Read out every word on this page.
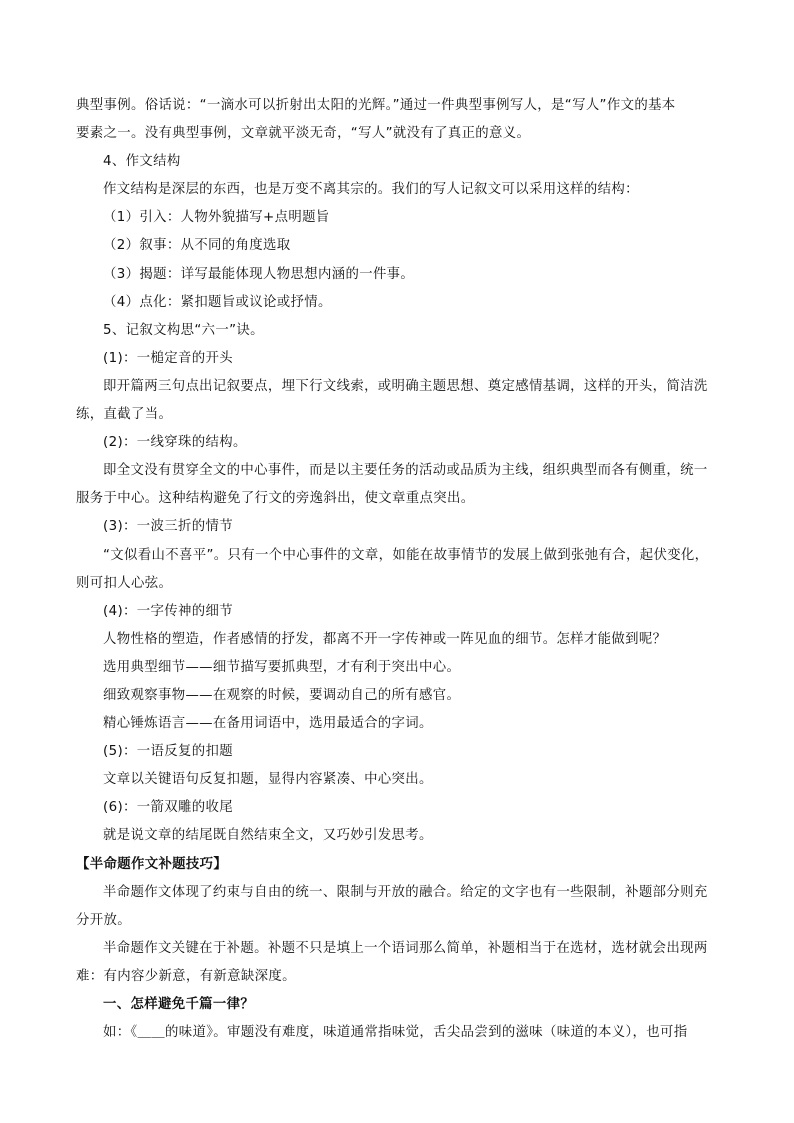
典型事例。俗话说：“一滴水可以折射出太阳的光辉。”通过一件典型事例写人，是“写人”作文的基本

要素之一。没有典型事例，文章就平淡无奇，“写人”就没有了真正的意义。

4、作文结构

作文结构是深层的东西，也是万变不离其宗的。我们的写人记叙文可以采用这样的结构：

（1）引入：人物外貌描写+点明题旨

（2）叙事：从不同的角度选取

（3）揭题：详写最能体现人物思想内涵的一件事。

（4）点化：紧扣题旨或议论或抒情。

5、记叙文构思“六一”诀。

(1)：一槌定音的开头

即开篇两三句点出记叙要点，埋下行文线索，或明确主题思想、奠定感情基调，这样的开头，简洁洗

练，直截了当。

(2)：一线穿珠的结构。

即全文没有贯穿全文的中心事件，而是以主要任务的活动或品质为主线，组织典型而各有侧重，统一

服务于中心。这种结构避免了行文的旁逸斜出，使文章重点突出。

(3)：一波三折的情节

“文似看山不喜平”。只有一个中心事件的文章，如能在故事情节的发展上做到张弛有合，起伏变化，

则可扣人心弦。

(4)：一字传神的细节

人物性格的塑造，作者感情的抒发，都离不开一字传神或一阵见血的细节。怎样才能做到呢？

选用典型细节——细节描写要抓典型，才有利于突出中心。

细致观察事物——在观察的时候，要调动自己的所有感官。

精心锤炼语言——在备用词语中，选用最适合的字词。

(5)：一语反复的扣题

文章以关键语句反复扣题，显得内容紧凑、中心突出。

(6)：一箭双雕的收尾

就是说文章的结尾既自然结束全文，又巧妙引发思考。

【半命题作文补题技巧】

半命题作文体现了约束与自由的统一、限制与开放的融合。给定的文字也有一些限制，补题部分则充

分开放。

半命题作文关键在于补题。补题不只是填上一个语词那么简单，补题相当于在选材，选材就会出现两

难：有内容少新意，有新意缺深度。

一、怎样避免千篇一律？

如：《＿＿的味道》。审题没有难度，味道通常指味觉，舌尖品尝到的滋味（味道的本义），也可指
